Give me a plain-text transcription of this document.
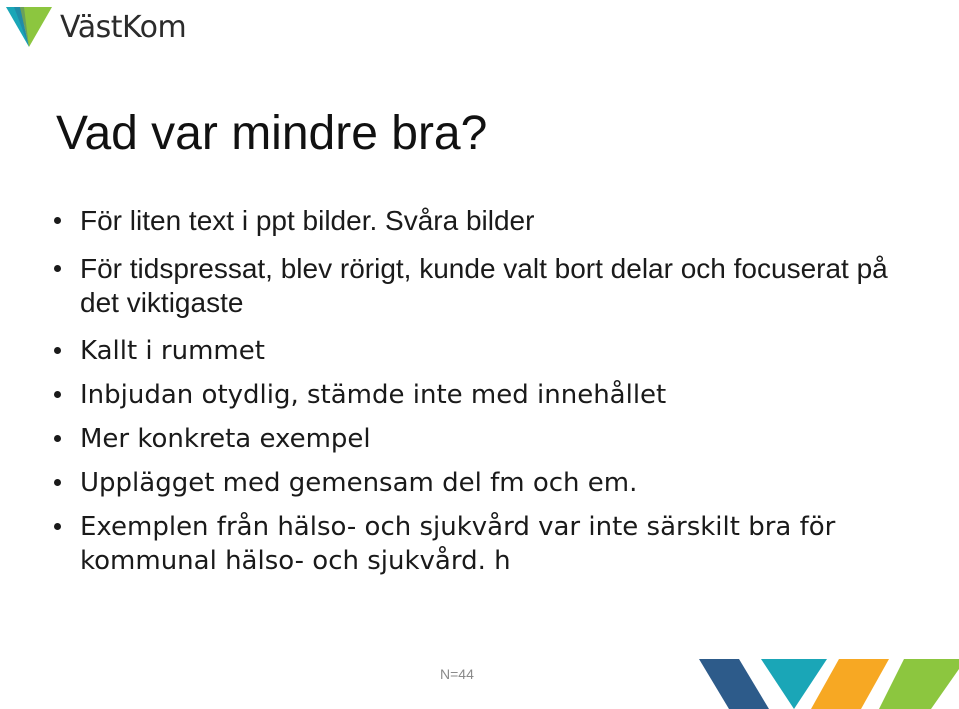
VästKom
Vad var mindre bra?
För liten text i ppt bilder. Svåra bilder
För tidspressat, blev rörigt, kunde valt bort delar och focuserat på det viktigaste
Kallt i rummet
Inbjudan otydlig, stämde inte med innehållet
Mer konkreta exempel
Upplägget med gemensam del fm och em.
Exemplen från hälso- och sjukvård var inte särskilt bra för kommunal hälso- och sjukvård. h
N=44
